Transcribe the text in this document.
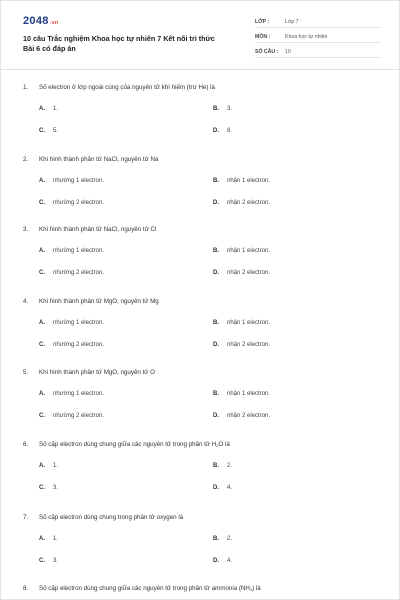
2048.vn
10 câu Trắc nghiệm Khoa học tự nhiên 7 Kết nối tri thức
Bài 6 có đáp án
LỚP :	Lớp 7
MÔN :	Khoa học tự nhiên
SỐ CÂU : 10
1. Số electron ở lớp ngoài cùng của nguyên tử khí hiếm (trừ He) là
A. 1.	B. 3.
C. 5.	D. 8.
2. Khi hình thành phân tử NaCl, nguyên tử Na
A. nhường 1 electron.	B. nhận 1 electron.
C. nhường 2 electron.	D. nhận 2 electron.
3. Khi hình thành phân tử NaCl, nguyên tử Cl
A. nhường 1 electron.	B. nhận 1 electron.
C. nhường 2 electron.	D. nhận 2 electron.
4. Khi hình thành phân tử MgO, nguyên tử Mg
A. nhường 1 electron.	B. nhận 1 electron.
C. nhường 2 electron.	D. nhận 2 electron.
5. Khi hình thành phân tử MgO, nguyên tử O
A. nhường 1 electron.	B. nhận 1 electron.
C. nhường 2 electron.	D. nhận 2 electron.
6. Số cặp electron dùng chung giữa các nguyên tử trong phân tử $H_2O$ là
A. 1.	B. 2.
C. 3.	D. 4.
7. Số cặp electron dùng chung trong phân tử oxygen là
A. 1.	B. 2.
C. 3.	D. 4.
8. Số cặp electron dùng chung giữa các nguyên tử trong phân tử ammonia $(NH_3)$ là
